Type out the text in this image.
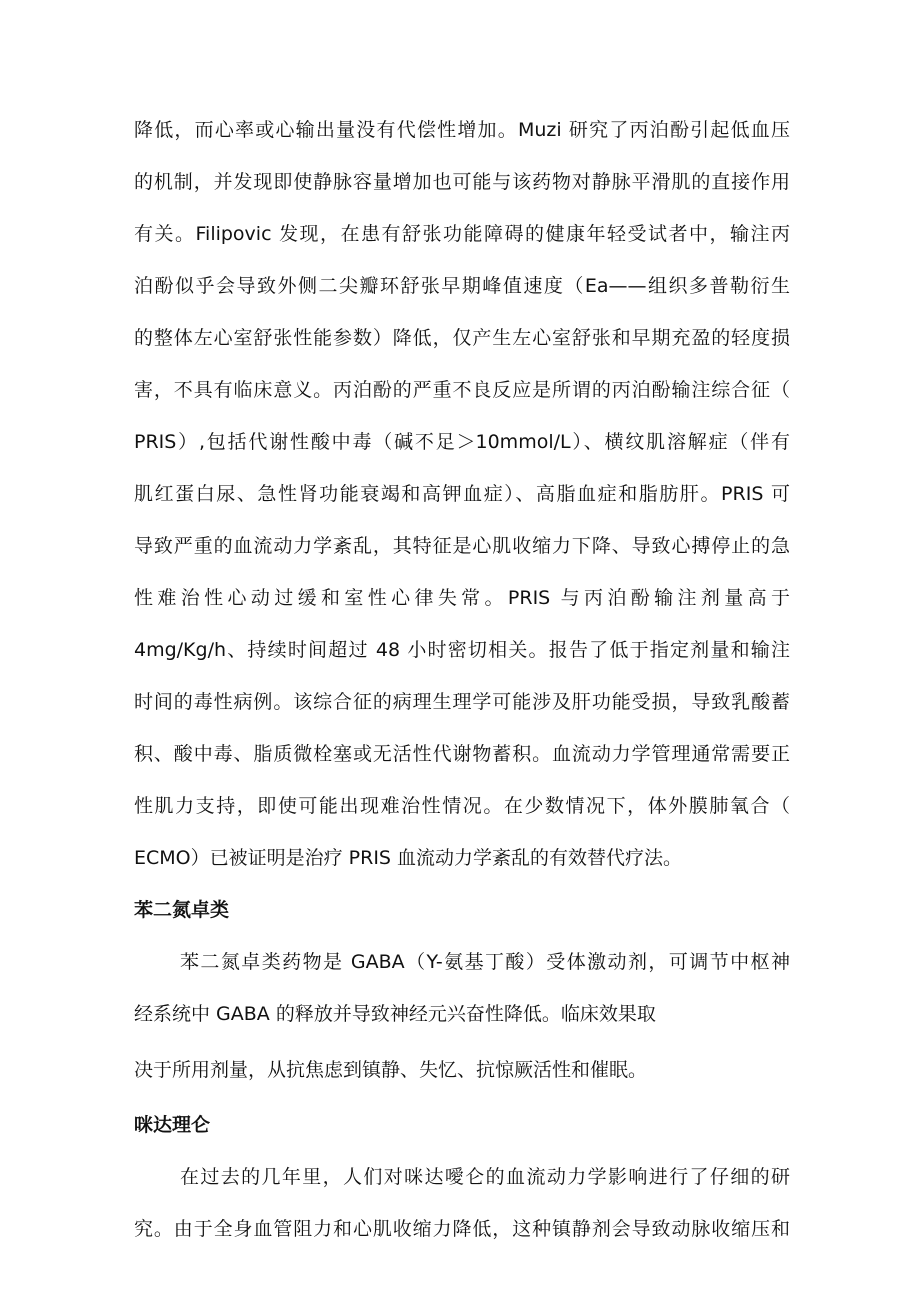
降低，而心率或心输出量没有代偿性增加。Muzi 研究了丙泊酚引起低血压

的机制，并发现即使静脉容量增加也可能与该药物对静脉平滑肌的直接作用

有关。Filipovic 发现，在患有舒张功能障碍的健康年轻受试者中，输注丙

泊酚似乎会导致外侧二尖瓣环舒张早期峰值速度（Ea——组织多普勒衍生

的整体左心室舒张性能参数）降低，仅产生左心室舒张和早期充盈的轻度损

害，不具有临床意义。丙泊酚的严重不良反应是所谓的丙泊酚输注综合征（

PRIS）,包括代谢性酸中毒（碱不足＞10mmol/L）、横纹肌溶解症（伴有

肌红蛋白尿、急性肾功能衰竭和高钾血症）、高脂血症和脂肪肝。PRIS 可

导致严重的血流动力学紊乱，其特征是心肌收缩力下降、导致心搏停止的急

性难治性心动过缓和室性心律失常。PRIS 与丙泊酚输注剂量高于

4mg/Kg/h、持续时间超过 48 小时密切相关。报告了低于指定剂量和输注

时间的毒性病例。该综合征的病理生理学可能涉及肝功能受损，导致乳酸蓄

积、酸中毒、脂质微栓塞或无活性代谢物蓄积。血流动力学管理通常需要正

性肌力支持，即使可能出现难治性情况。在少数情况下，体外膜肺氧合（

ECMO）已被证明是治疗 PRIS 血流动力学紊乱的有效替代疗法。

苯二氮卓类

苯二氮卓类药物是 GABA（Y-氨基丁酸）受体激动剂，可调节中枢神

经系统中 GABA 的释放并导致神经元兴奋性降低。临床效果取

决于所用剂量，从抗焦虑到镇静、失忆、抗惊厥活性和催眠。

咪达理仑

在过去的几年里，人们对咪达噯仑的血流动力学影响进行了仔细的研

究。由于全身血管阻力和心肌收缩力降低，这种镇静剂会导致动脉收缩压和
